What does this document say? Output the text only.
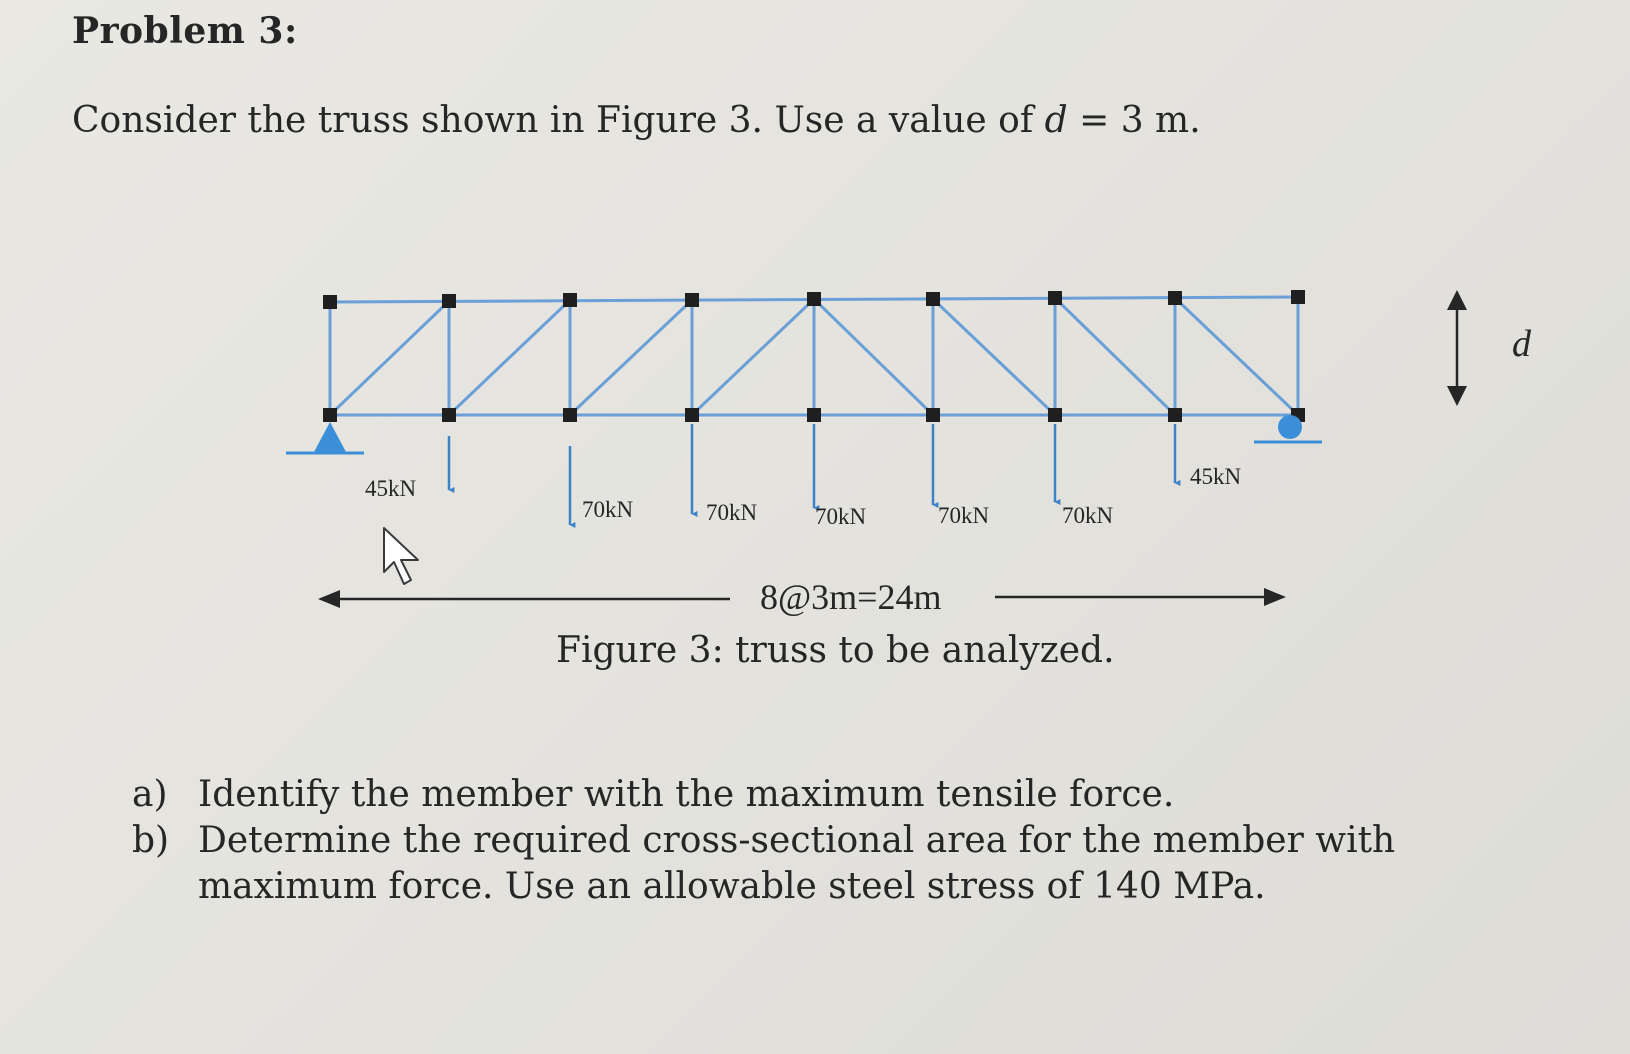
Problem 3:

Consider the truss shown in Figure 3. Use a value of d = 3 m.

45kN
70kN	70kN	70kN	70kN	70kN
45kN
8@3m=24m
d

Figure 3: truss to be analyzed.

a) Identify the member with the maximum tensile force.
b) Determine the required cross-sectional area for the member with maximum force. Use an allowable steel stress of 140 MPa.
